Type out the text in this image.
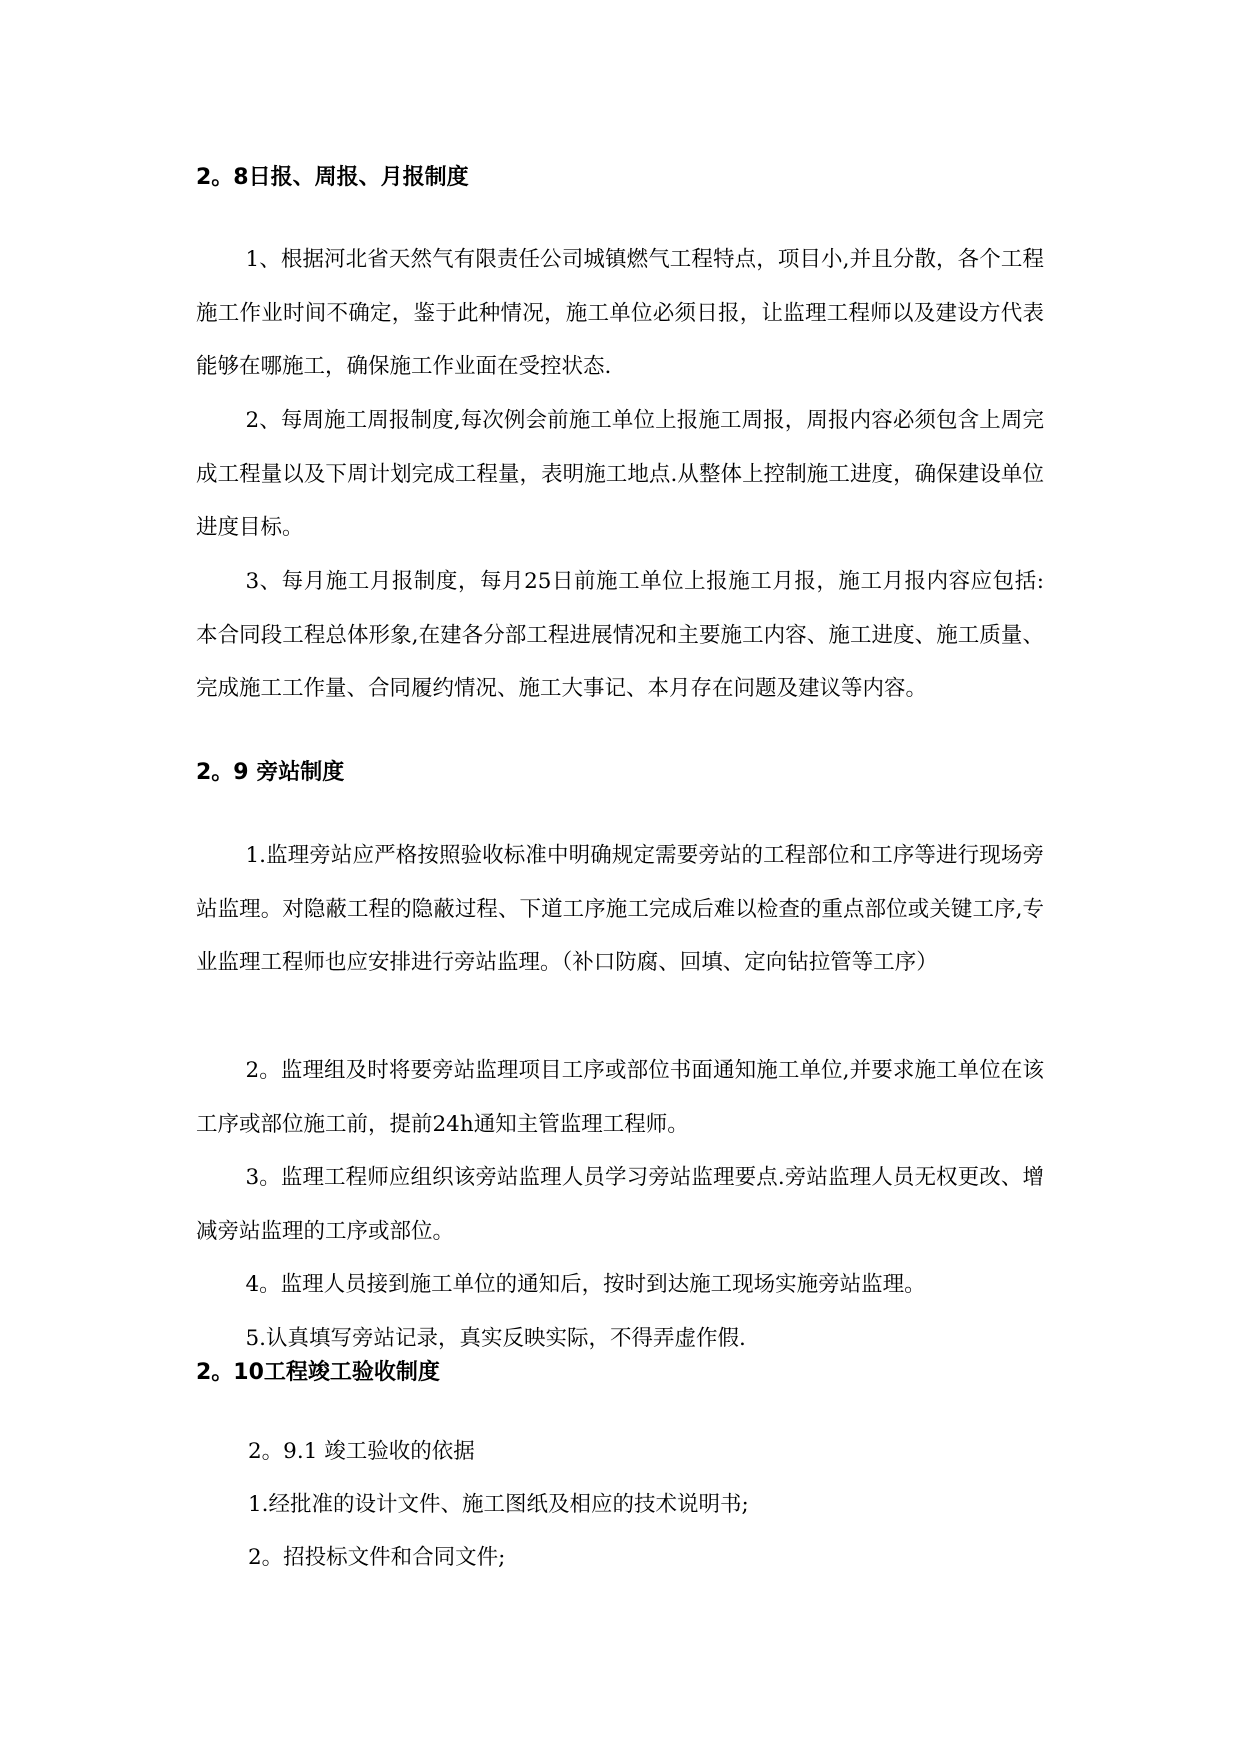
2。8日报、周报、月报制度

1、根据河北省天然气有限责任公司城镇燃气工程特点，项目小,并且分散，各个工程施工作业时间不确定，鉴于此种情况，施工单位必须日报，让监理工程师以及建设方代表能够在哪施工，确保施工作业面在受控状态.

2、每周施工周报制度,每次例会前施工单位上报施工周报，周报内容必须包含上周完成工程量以及下周计划完成工程量，表明施工地点.从整体上控制施工进度，确保建设单位进度目标。

3、每月施工月报制度，每月25日前施工单位上报施工月报，施工月报内容应包括:本合同段工程总体形象,在建各分部工程进展情况和主要施工内容、施工进度、施工质量、完成施工工作量、合同履约情况、施工大事记、本月存在问题及建议等内容。

2。9 旁站制度

1.监理旁站应严格按照验收标准中明确规定需要旁站的工程部位和工序等进行现场旁站监理。对隐蔽工程的隐蔽过程、下道工序施工完成后难以检查的重点部位或关键工序,专业监理工程师也应安排进行旁站监理。（补口防腐、回填、定向钻拉管等工序）

2。监理组及时将要旁站监理项目工序或部位书面通知施工单位,并要求施工单位在该工序或部位施工前，提前24h通知主管监理工程师。

3。监理工程师应组织该旁站监理人员学习旁站监理要点.旁站监理人员无权更改、增减旁站监理的工序或部位。

4。监理人员接到施工单位的通知后，按时到达施工现场实施旁站监理。

5.认真填写旁站记录，真实反映实际，不得弄虚作假.

2。10工程竣工验收制度

2。9.1 竣工验收的依据

1.经批准的设计文件、施工图纸及相应的技术说明书;

2。招投标文件和合同文件;
